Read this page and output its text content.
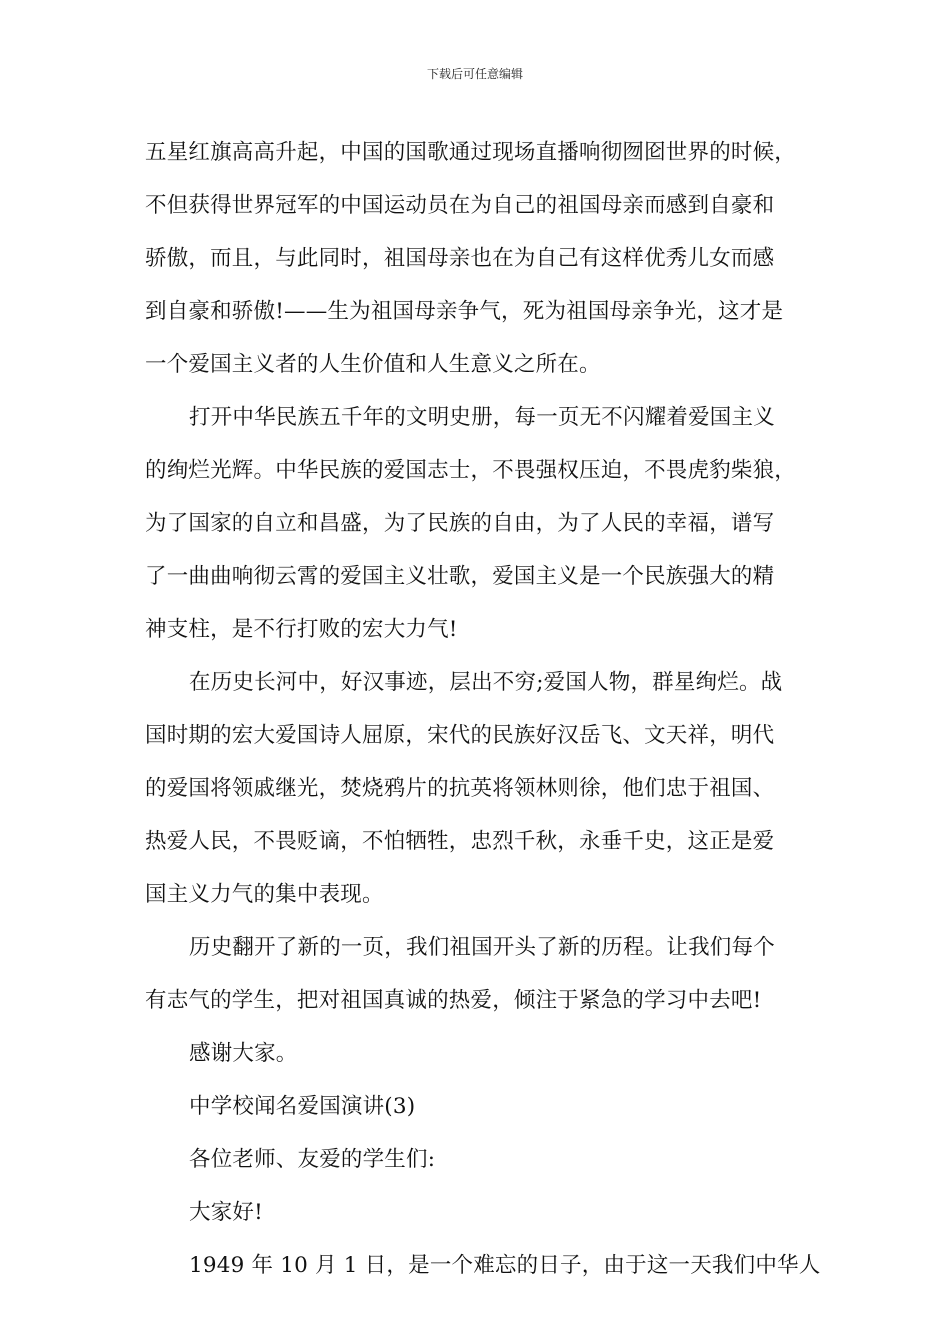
下载后可任意编辑
五星红旗高高升起，中国的国歌通过现场直播响彻囫囵世界的时候，
不但获得世界冠军的中国运动员在为自己的祖国母亲而感到自豪和
骄傲，而且，与此同时，祖国母亲也在为自己有这样优秀儿女而感
到自豪和骄傲!——生为祖国母亲争气，死为祖国母亲争光，这才是
一个爱国主义者的人生价值和人生意义之所在。
打开中华民族五千年的文明史册，每一页无不闪耀着爱国主义
的绚烂光辉。中华民族的爱国志士，不畏强权压迫，不畏虎豹柴狼，
为了国家的自立和昌盛，为了民族的自由，为了人民的幸福，谱写
了一曲曲响彻云霄的爱国主义壮歌，爱国主义是一个民族强大的精
神支柱，是不行打败的宏大力气!
在历史长河中，好汉事迹，层出不穷;爱国人物，群星绚烂。战
国时期的宏大爱国诗人屈原，宋代的民族好汉岳飞、文天祥，明代
的爱国将领戚继光，焚烧鸦片的抗英将领林则徐，他们忠于祖国、
热爱人民，不畏贬谪，不怕牺牲，忠烈千秋，永垂千史，这正是爱
国主义力气的集中表现。
历史翻开了新的一页，我们祖国开头了新的历程。让我们每个
有志气的学生，把对祖国真诚的热爱，倾注于紧急的学习中去吧!
感谢大家。
中学校闻名爱国演讲(3)
各位老师、友爱的学生们:
大家好!
1949 年 10 月 1 日，是一个难忘的日子，由于这一天我们中华人
